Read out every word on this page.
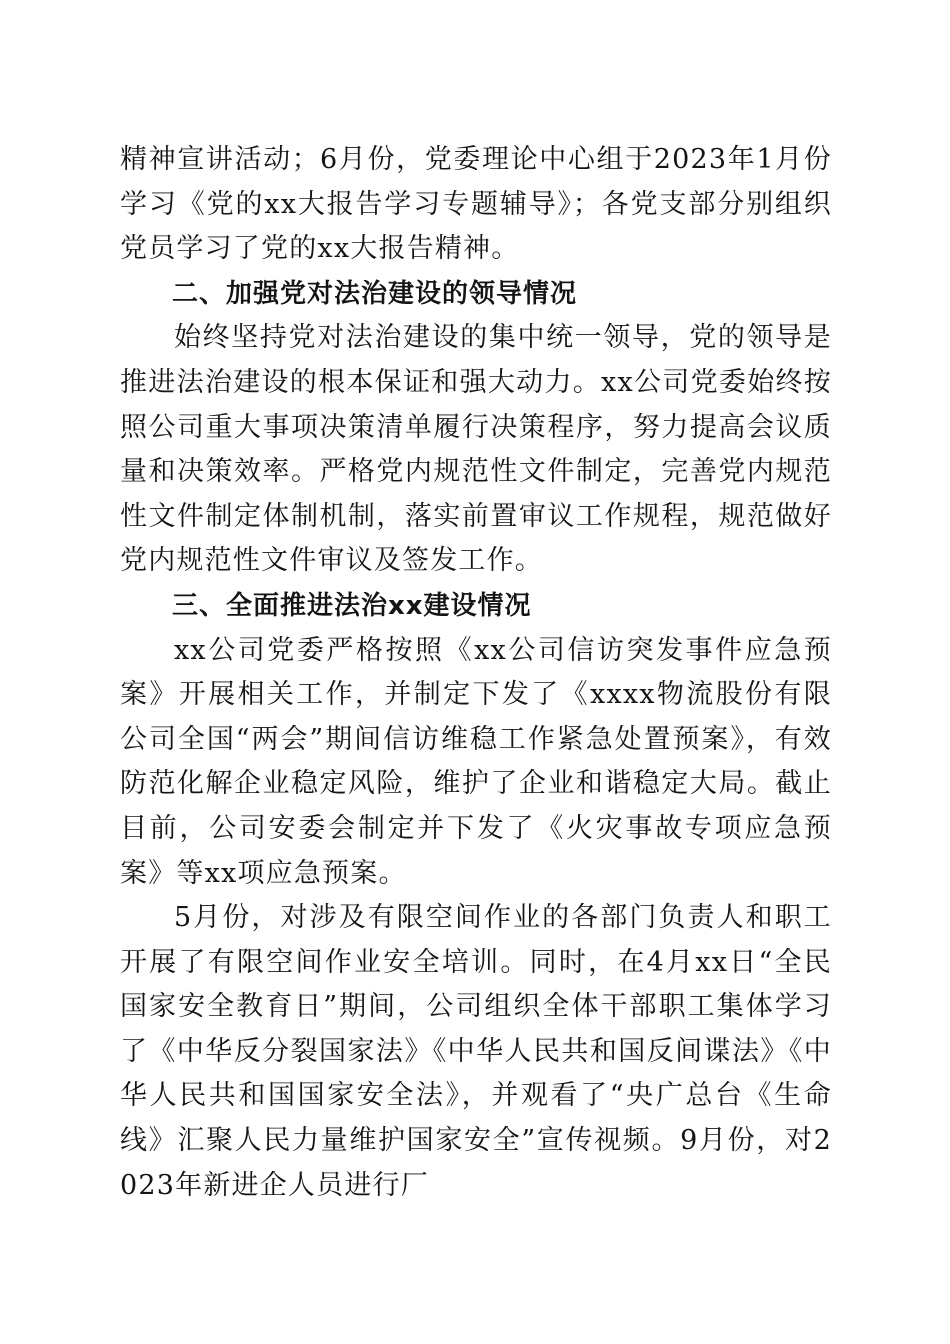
精神宣讲活动；6月份，党委理论中心组于2023年1月份学习《党的xx大报告学习专题辅导》；各党支部分别组织党员学习了党的xx大报告精神。

二、加强党对法治建设的领导情况

始终坚持党对法治建设的集中统一领导，党的领导是推进法治建设的根本保证和强大动力。xx公司党委始终按照公司重大事项决策清单履行决策程序，努力提高会议质量和决策效率。严格党内规范性文件制定，完善党内规范性文件制定体制机制，落实前置审议工作规程，规范做好党内规范性文件审议及签发工作。

三、全面推进法治xx建设情况

xx公司党委严格按照《xx公司信访突发事件应急预案》开展相关工作，并制定下发了《xxxx物流股份有限公司全国“两会”期间信访维稳工作紧急处置预案》，有效防范化解企业稳定风险，维护了企业和谐稳定大局。截止目前，公司安委会制定并下发了《火灾事故专项应急预案》等xx项应急预案。

5月份，对涉及有限空间作业的各部门负责人和职工开展了有限空间作业安全培训。同时，在4月xx日“全民国家安全教育日”期间，公司组织全体干部职工集体学习了《中华反分裂国家法》《中华人民共和国反间谍法》《中华人民共和国国家安全法》，并观看了“央广总台《生命线》汇聚人民力量维护国家安全”宣传视频。9月份，对2023年新进企人员进行厂
